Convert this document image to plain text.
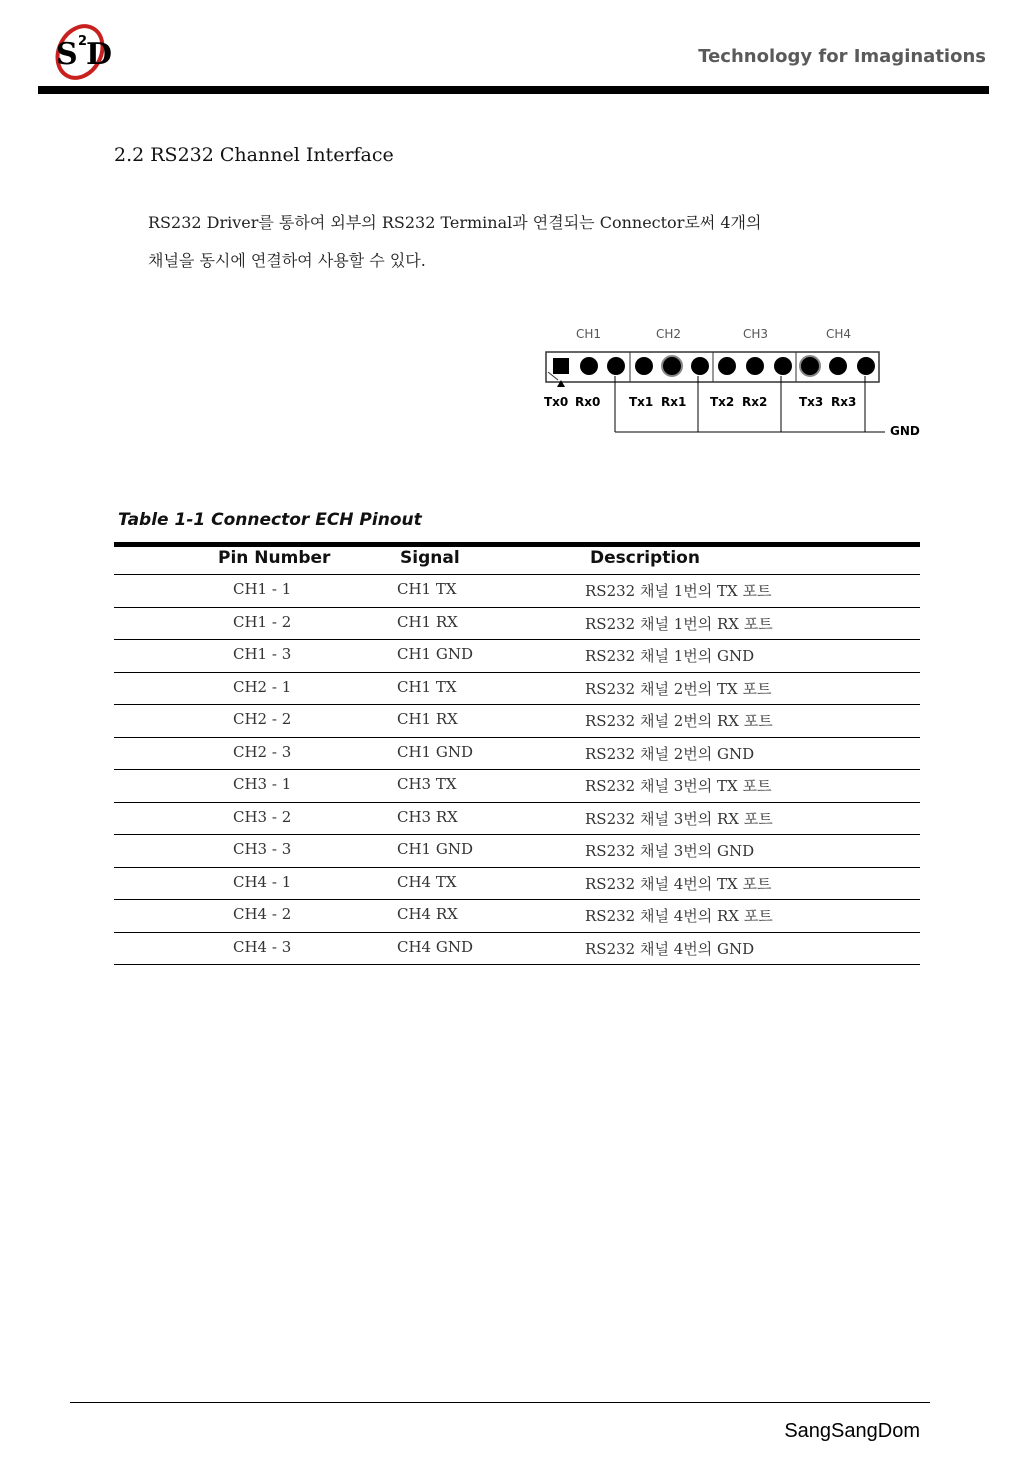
S 2
D	Technology for Imaginations
2.2 RS232 Channel Interface
RS232 Driver를 통하여 외부의 RS232 Terminal과 연결되는 Connector로써 4개의
채널을 동시에 연결하여 사용할 수 있다.
CH1	CH2	CH3	CH4
Tx0 Rx0 Tx1 Rx1 Tx2 Rx2	Tx3 Rx3
GND
Table 1-1 Connector ECH Pinout
Pin Number	Signal	Description
CH1 - 1	CH1 TX	RS232 채널 1번의 TX 포트
CH1 - 2	CH1 RX	RS232 채널 1번의 RX 포트
CH1 - 3	CH1 GND	RS232 채널 1번의 GND
CH2 - 1	CH1 TX	RS232 채널 2번의 TX 포트
CH2 - 2	CH1 RX	RS232 채널 2번의 RX 포트
CH2 - 3	CH1 GND	RS232 채널 2번의 GND
CH3 - 1	CH3 TX	RS232 채널 3번의 TX 포트
CH3 - 2	CH3 RX	RS232 채널 3번의 RX 포트
CH3 - 3	CH1 GND	RS232 채널 3번의 GND
CH4 - 1	CH4 TX	RS232 채널 4번의 TX 포트
CH4 - 2	CH4 RX	RS232 채널 4번의 RX 포트
CH4 - 3	CH4 GND	RS232 채널 4번의 GND
SangSangDom
